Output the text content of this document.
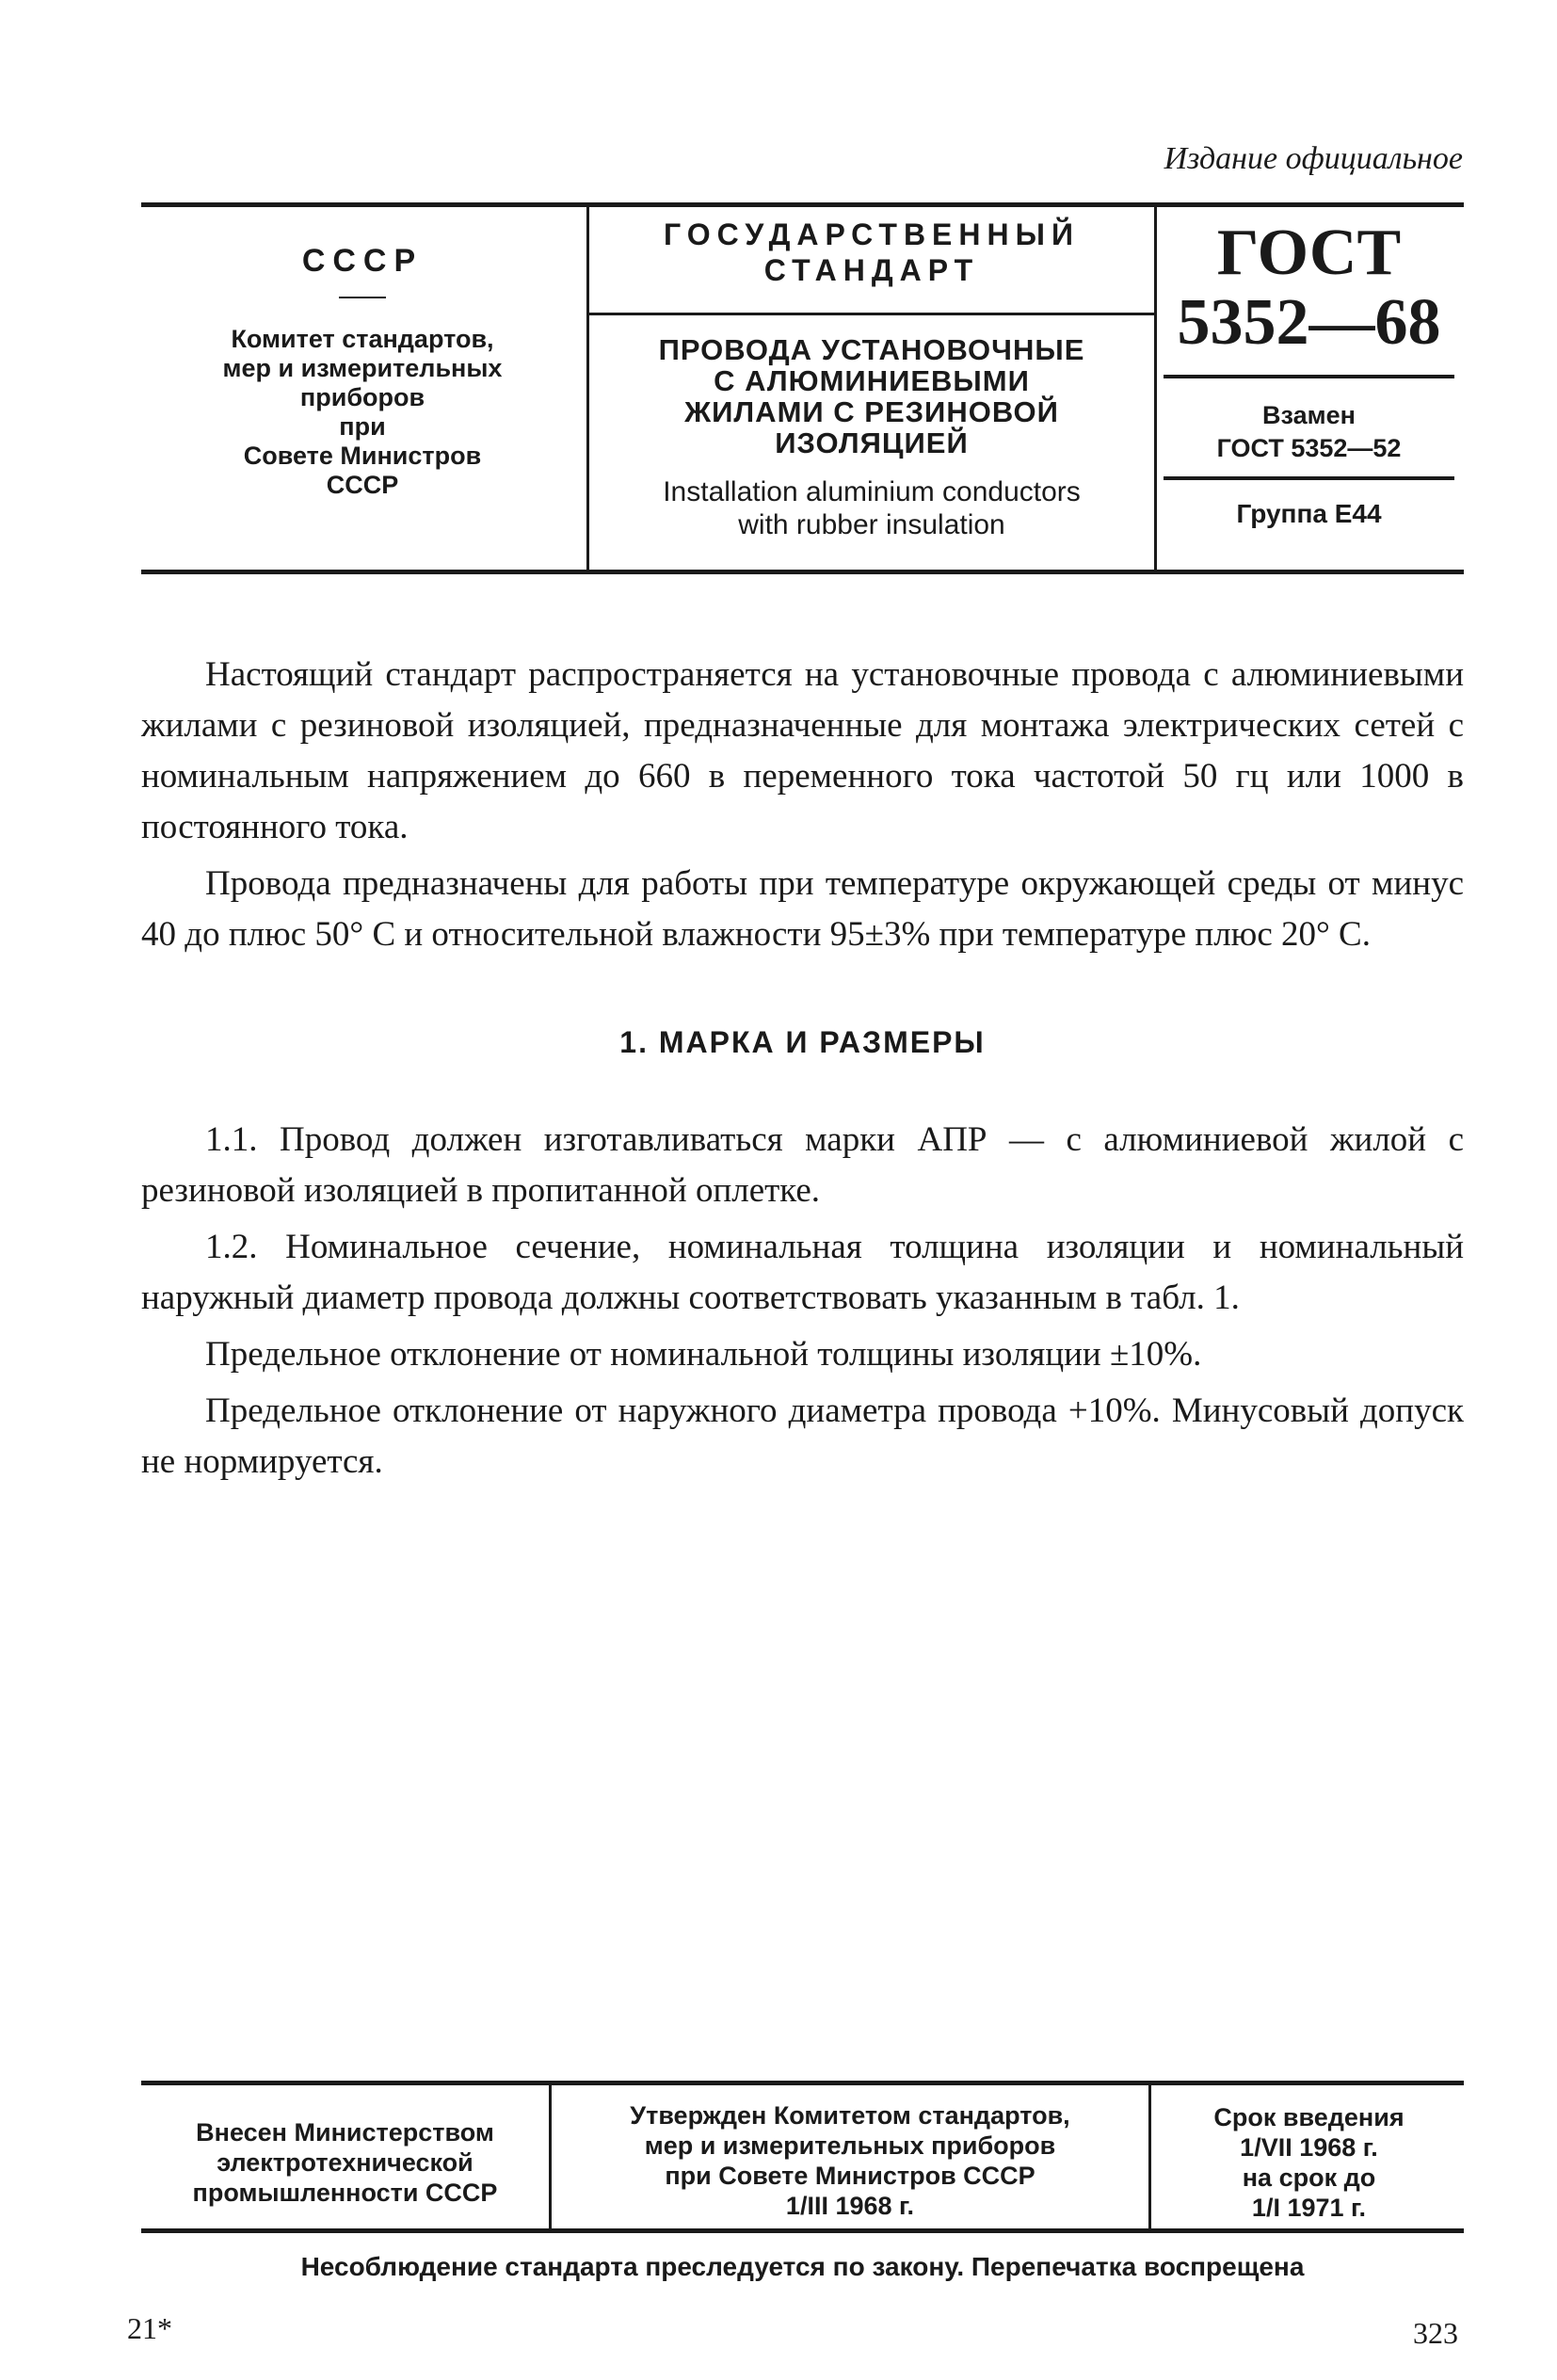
Издание официальное
СССР
Комитет стандартов,
мер и измерительных
приборов
при
Совете Министров
СССР
ГОСУДАРСТВЕННЫЙ
СТАНДАРТ
ПРОВОДА УСТАНОВОЧНЫЕ
С АЛЮМИНИЕВЫМИ
ЖИЛАМИ С РЕЗИНОВОЙ
ИЗОЛЯЦИЕЙ
Installation aluminium conductors
with rubber insulation
ГОСТ
5352—68
Взамен
ГОСТ 5352—52
Группа Е44

Настоящий стандарт распространяется на установочные провода с алюминиевыми жилами с резиновой изоляцией, предназначенные для монтажа электрических сетей с номинальным напряжением до 660 в переменного тока частотой 50 гц или 1000 в постоянного тока.

Провода предназначены для работы при температуре окружающей среды от минус 40 до плюс 50° С и относительной влажности 95±3% при температуре плюс 20° С.

1. МАРКА И РАЗМЕРЫ

1.1. Провод должен изготавливаться марки АПР — с алюминиевой жилой с резиновой изоляцией в пропитанной оплетке.

1.2. Номинальное сечение, номинальная толщина изоляции и номинальный наружный диаметр провода должны соответствовать указанным в табл. 1.

Предельное отклонение от номинальной толщины изоляции ±10%.

Предельное отклонение от наружного диаметра провода +10%. Минусовый допуск не нормируется.

Внесен Министерством
электротехнической
промышленности СССР
Утвержден Комитетом стандартов,
мер и измерительных приборов
при Совете Министров СССР
1/III 1968 г.
Срок введения
1/VII 1968 г.
на срок до
1/I 1971 г.
Несоблюдение стандарта преследуется по закону. Перепечатка воспрещена
21*	323
